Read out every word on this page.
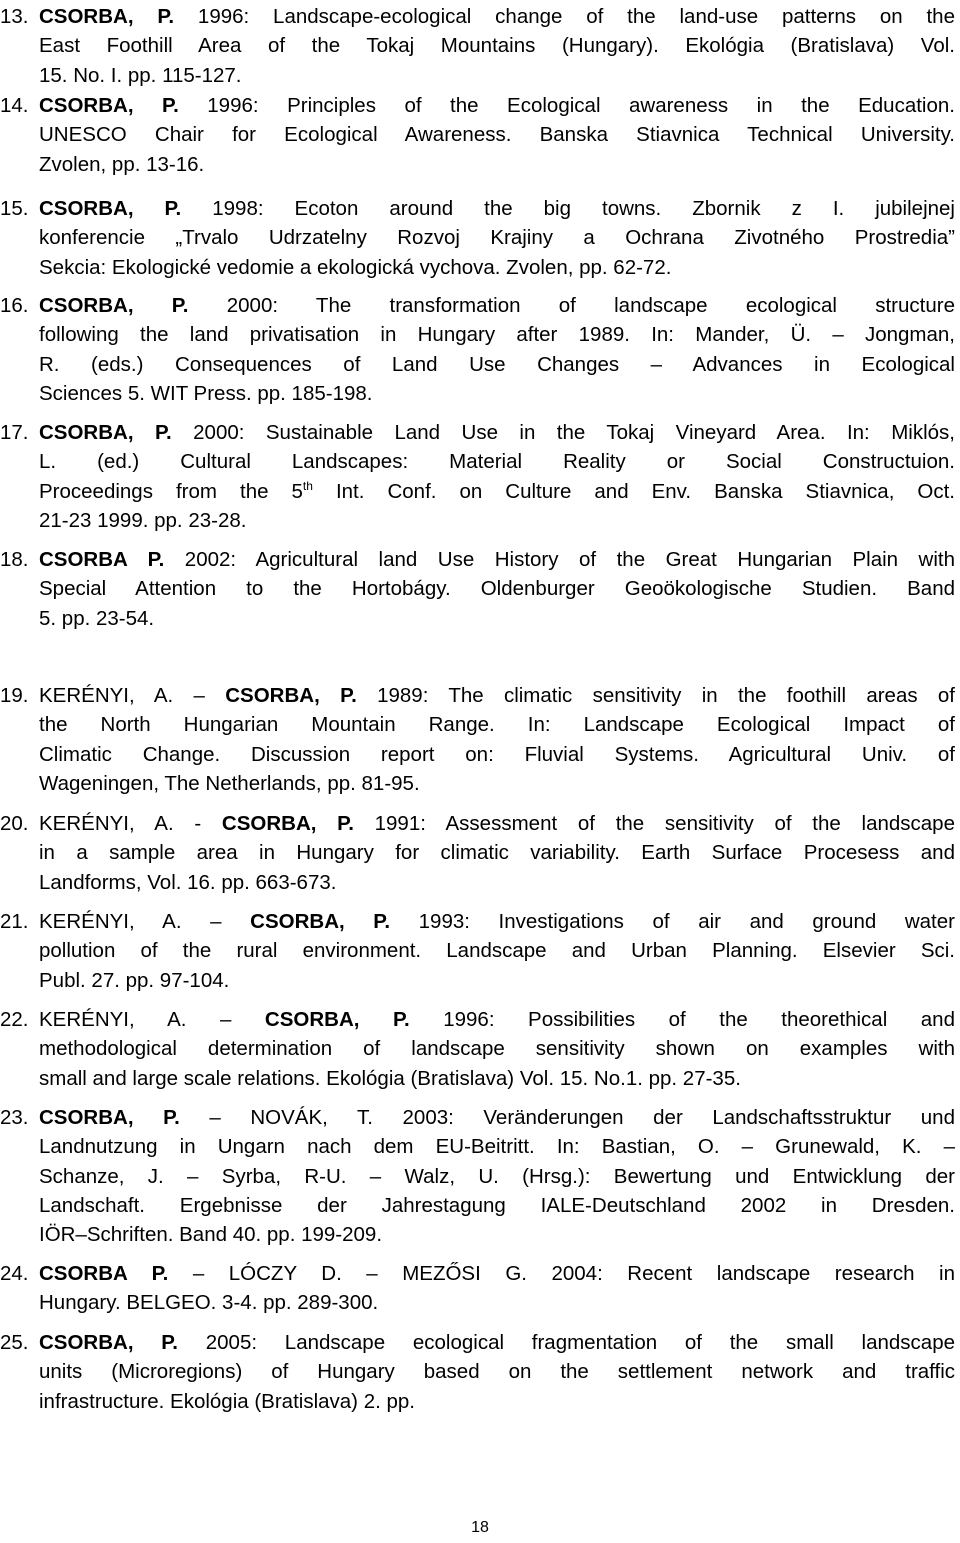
13. CSORBA, P. 1996: Landscape-ecological change of the land-use patterns on the
East Foothill Area of the Tokaj Mountains (Hungary). Ekológia (Bratislava) Vol.
15. No. I. pp. 115-127.
14. CSORBA, P. 1996: Principles of the Ecological awareness in the Education.
UNESCO Chair for Ecological Awareness. Banska Stiavnica Technical University.
Zvolen, pp. 13-16.
15. CSORBA, P. 1998: Ecoton around the big towns. Zbornik z I. jubilejnej
konferencie „Trvalo Udrzatelny Rozvoj Krajiny a Ochrana Zivotného Prostredia”
Sekcia: Ekologické vedomie a ekologická vychova. Zvolen, pp. 62-72.
16. CSORBA, P. 2000: The transformation of landscape ecological structure
following the land privatisation in Hungary after 1989. In: Mander, Ü. – Jongman,
R. (eds.) Consequences of Land Use Changes – Advances in Ecological
Sciences 5. WIT Press. pp. 185-198.
17. CSORBA, P. 2000: Sustainable Land Use in the Tokaj Vineyard Area. In: Miklós,
L. (ed.) Cultural Landscapes: Material Reality or Social Constructuion.
Proceedings from the 5th Int. Conf. on Culture and Env. Banska Stiavnica, Oct.
21-23 1999. pp. 23-28.
18. CSORBA P. 2002: Agricultural land Use History of the Great Hungarian Plain with
Special Attention to the Hortobágy. Oldenburger Geoökologische Studien. Band
5. pp. 23-54.
19. KERÉNYI, A. – CSORBA, P. 1989: The climatic sensitivity in the foothill areas of
the North Hungarian Mountain Range. In: Landscape Ecological Impact of
Climatic Change. Discussion report on: Fluvial Systems. Agricultural Univ. of
Wageningen, The Netherlands, pp. 81-95.
20. KERÉNYI, A. - CSORBA, P. 1991: Assessment of the sensitivity of the landscape
in a sample area in Hungary for climatic variability. Earth Surface Procesess and
Landforms, Vol. 16. pp. 663-673.
21. KERÉNYI, A. – CSORBA, P. 1993: Investigations of air and ground water
pollution of the rural environment. Landscape and Urban Planning. Elsevier Sci.
Publ. 27. pp. 97-104.
22. KERÉNYI, A. – CSORBA, P. 1996: Possibilities of the theorethical and
methodological determination of landscape sensitivity shown on examples with
small and large scale relations. Ekológia (Bratislava) Vol. 15. No.1. pp. 27-35.
23. CSORBA, P. – NOVÁK, T. 2003: Veränderungen der Landschaftsstruktur und
Landnutzung in Ungarn nach dem EU-Beitritt. In: Bastian, O. – Grunewald, K. –
Schanze, J. – Syrba, R-U. – Walz, U. (Hrsg.): Bewertung und Entwicklung der
Landschaft. Ergebnisse der Jahrestagung IALE-Deutschland 2002 in Dresden.
IÖR–Schriften. Band 40. pp. 199-209.
24. CSORBA P. – LÓCZY D. – MEZŐSI G. 2004: Recent landscape research in
Hungary. BELGEO. 3-4. pp. 289-300.
25. CSORBA, P. 2005: Landscape ecological fragmentation of the small landscape
units (Microregions) of Hungary based on the settlement network and traffic
infrastructure. Ekológia (Bratislava) 2. pp.
18
